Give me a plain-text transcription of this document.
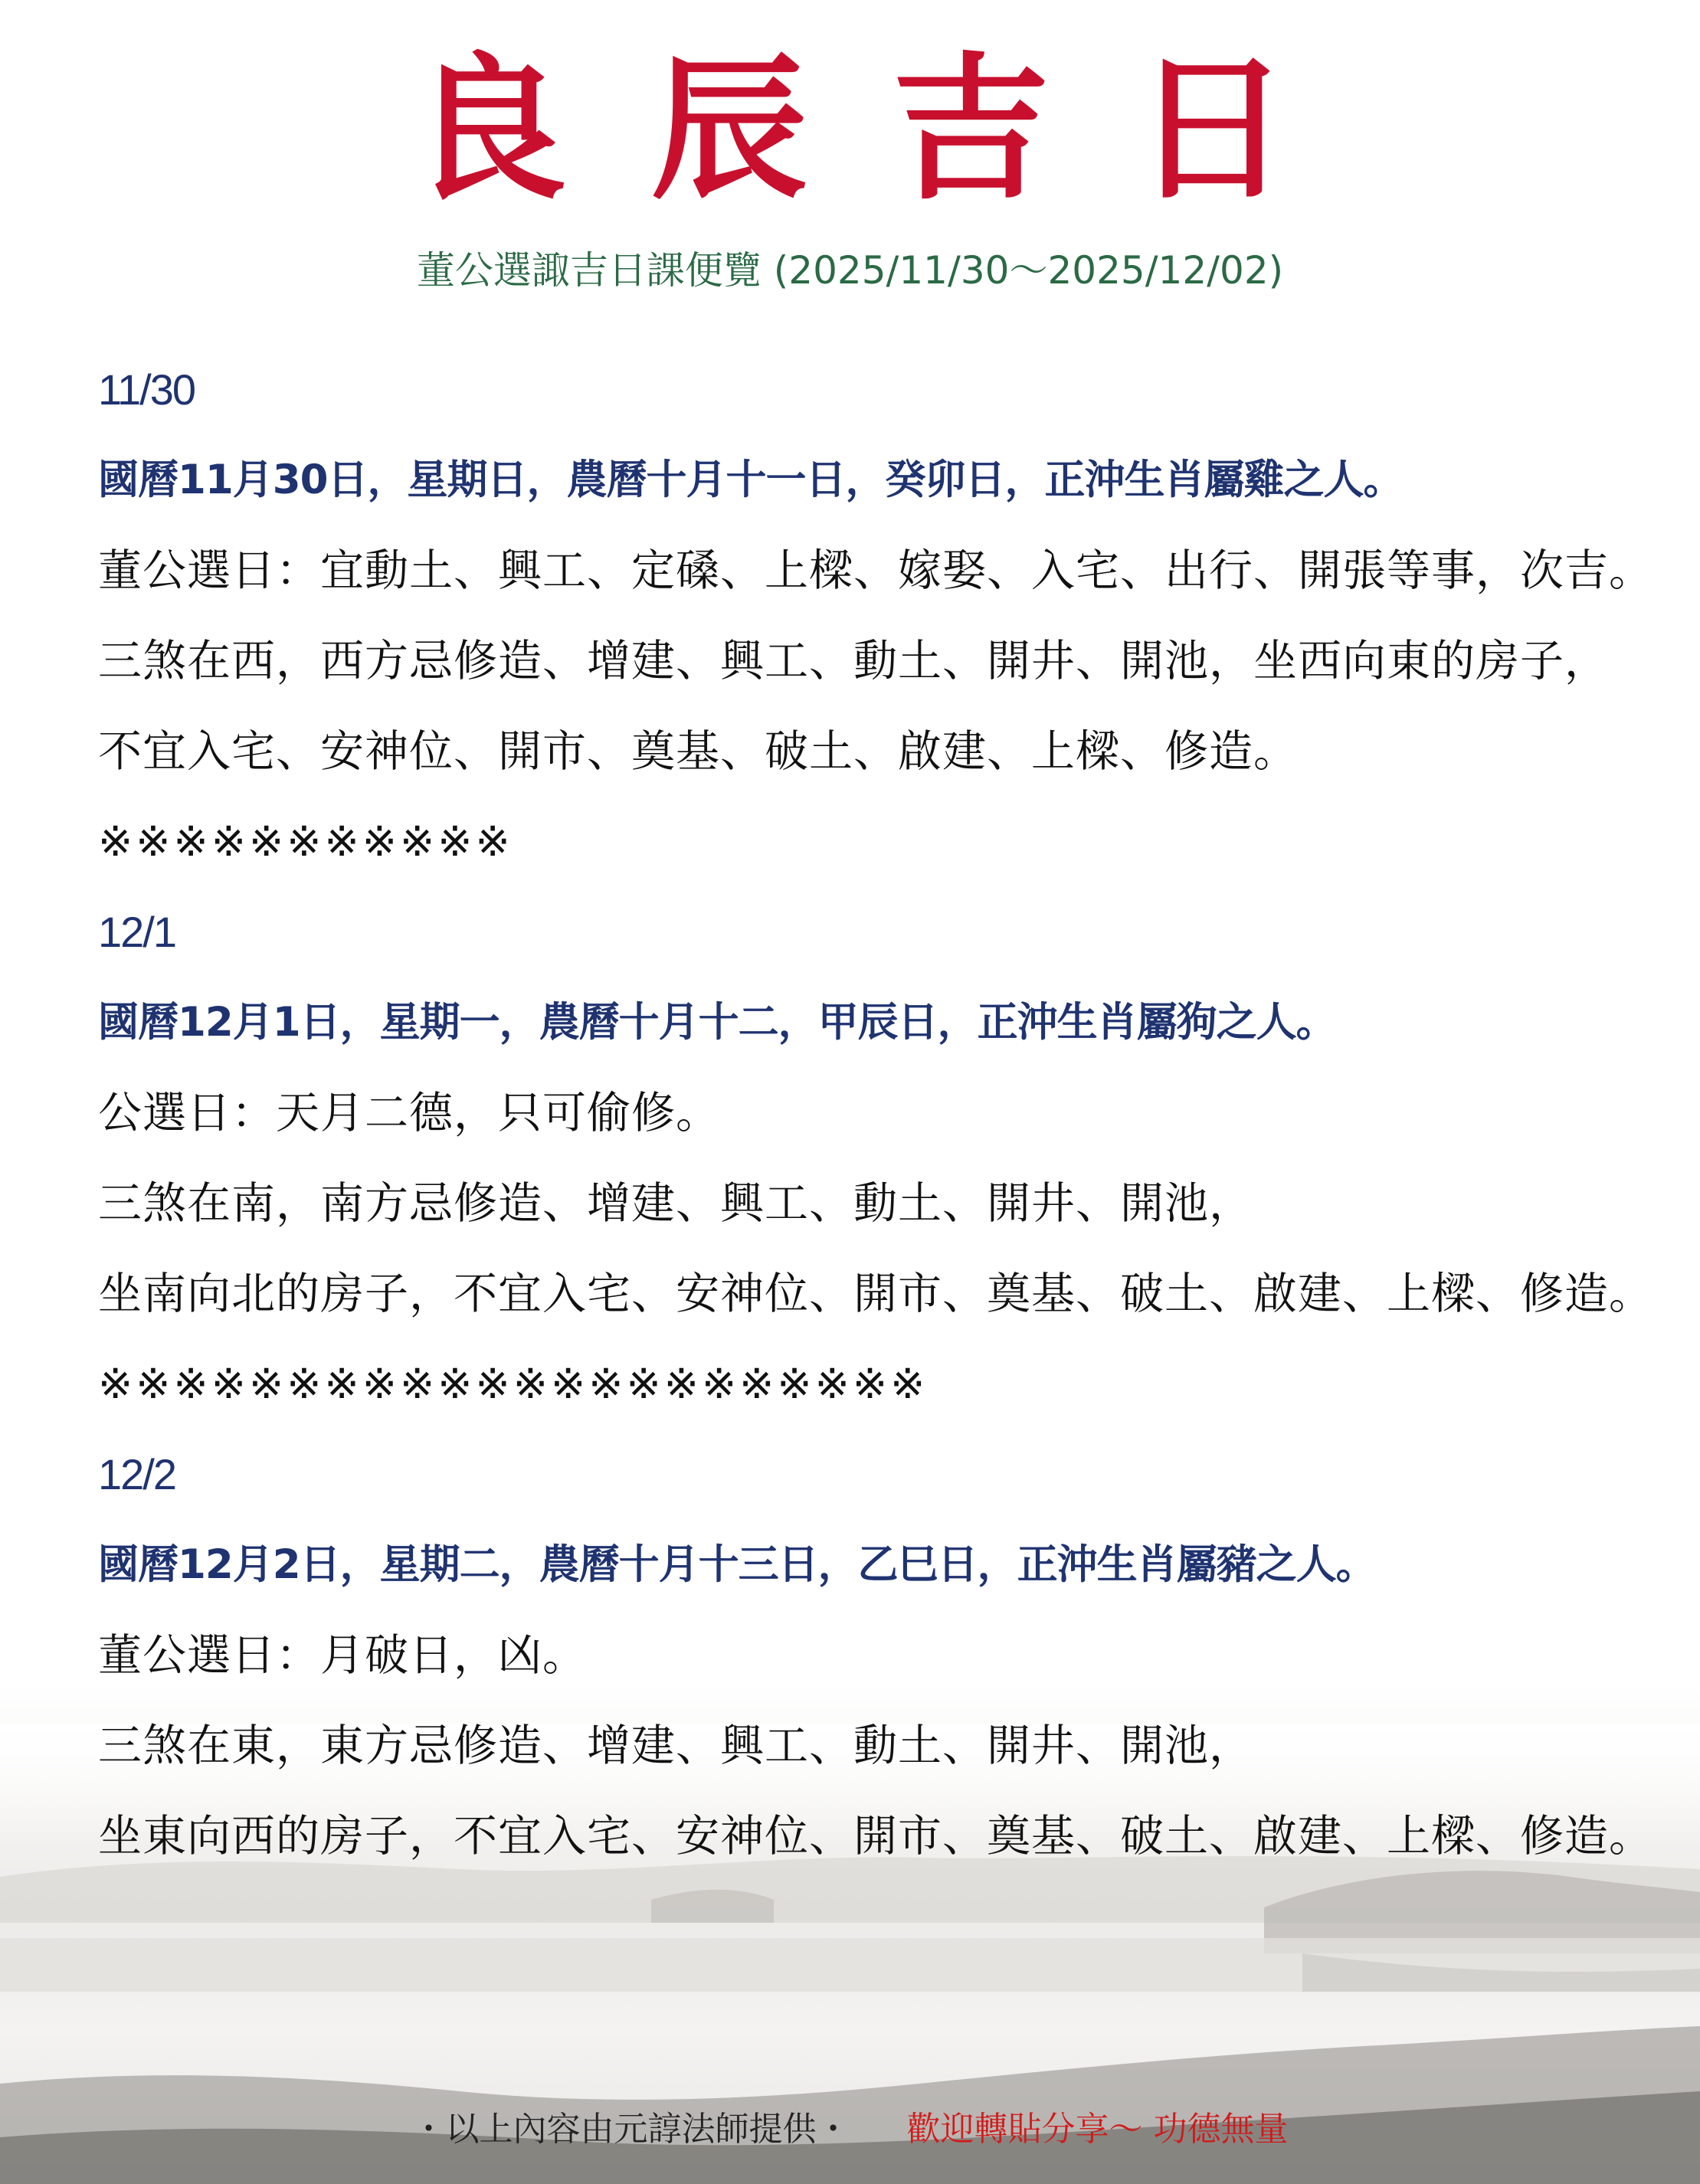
良辰吉日
董公選諏吉日課便覽 (2025/11/30～2025/12/02)
11/30
國曆11月30日，星期日，農曆十月十一日，癸卯日，正沖生肖屬雞之人。
董公選日：宜動土、興工、定磉、上樑、嫁娶、入宅、出行、開張等事，次吉。
三煞在西，西方忌修造、增建、興工、動土、開井、開池，坐西向東的房子，
不宜入宅、安神位、開市、奠基、破土、啟建、上樑、修造。
※※※※※※※※※※※
12/1
國曆12月1日，星期一，農曆十月十二，甲辰日，正沖生肖屬狗之人。
公選日：天月二德，只可偷修。
三煞在南，南方忌修造、增建、興工、動土、開井、開池，
坐南向北的房子，不宜入宅、安神位、開市、奠基、破土、啟建、上樑、修造。
※※※※※※※※※※※※※※※※※※※※※※
12/2
國曆12月2日，星期二，農曆十月十三日，乙巳日，正沖生肖屬豬之人。
董公選日：月破日，凶。
三煞在東，東方忌修造、增建、興工、動土、開井、開池，
坐東向西的房子，不宜入宅、安神位、開市、奠基、破土、啟建、上樑、修造。
・以上內容由元諄法師提供・ 歡迎轉貼分享～ 功德無量
